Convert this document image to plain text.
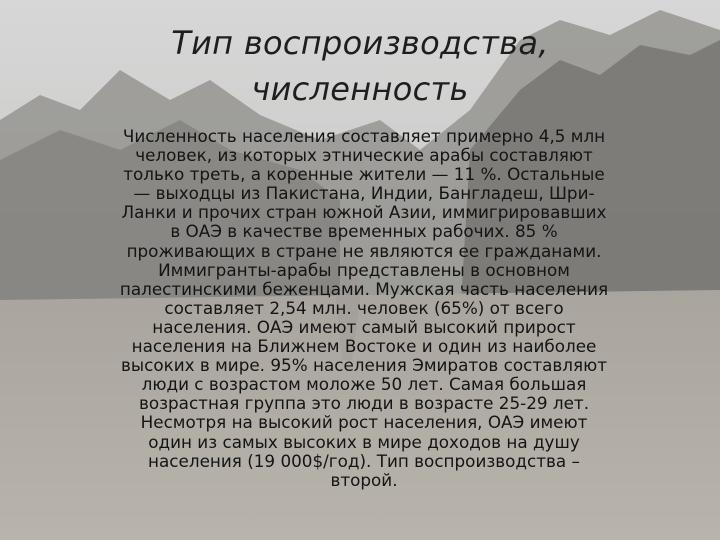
Тип воспроизводства,
численность
Численность населения составляет примерно 4,5 млн
человек, из которых этнические арабы составляют
только треть, а коренные жители — 11 %. Остальные
— выходцы из Пакистана, Индии, Бангладеш, Шри-
Ланки и прочих стран южной Азии, иммигрировавших
в ОАЭ в качестве временных рабочих. 85 %
проживающих в стране не являются ее гражданами.
Иммигранты-арабы представлены в основном
палестинскими беженцами. Мужская часть населения
составляет 2,54 млн. человек (65%) от всего
населения. ОАЭ имеют самый высокий прирост
населения на Ближнем Востоке и один из наиболее
высоких в мире. 95% населения Эмиратов составляют
люди с возрастом моложе 50 лет. Самая большая
возрастная группа это люди в возрасте 25-29 лет.
Несмотря на высокий рост населения, ОАЭ имеют
один из самых высоких в мире доходов на душу
населения (19 000$/год). Тип воспроизводства –
второй.
